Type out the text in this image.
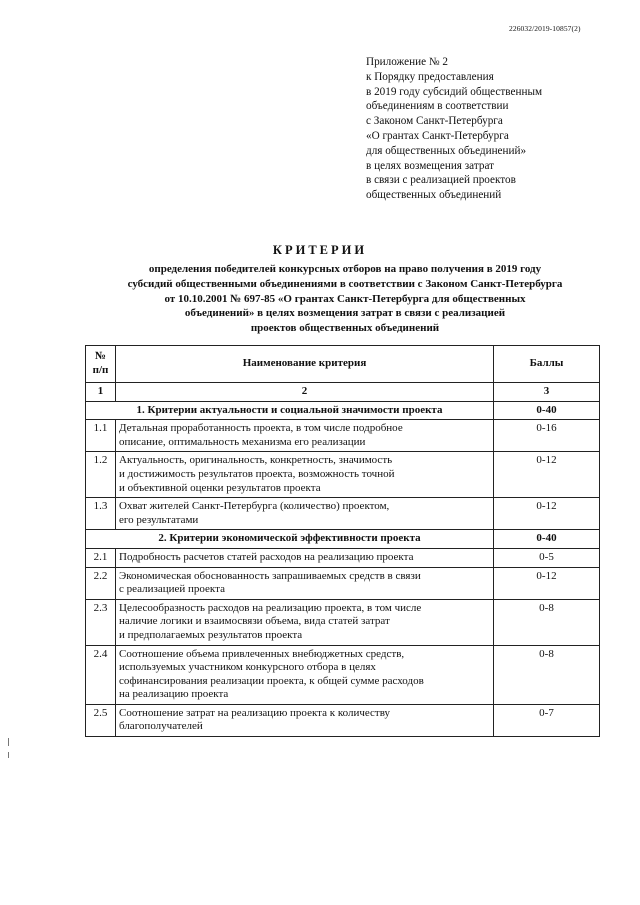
226032/2019-10857(2)
Приложение № 2
к Порядку предоставления
в 2019 году субсидий общественным
объединениям в соответствии
с Законом Санкт-Петербурга
«О грантах Санкт-Петербурга
для общественных объединений»
в целях возмещения затрат
в связи с реализацией проектов
общественных объединений
КРИТЕРИИ
определения победителей конкурсных отборов на право получения в 2019 году
субсидий общественными объединениями в соответствии с Законом Санкт-Петербурга
от 10.10.2001 № 697-85 «О грантах Санкт-Петербурга для общественных
объединений» в целях возмещения затрат в связи с реализацией
проектов общественных объединений
№ п/п	Наименование критерия	Баллы
1	2	3
1. Критерии актуальности и социальной значимости проекта		0-40
1.1	Детальная проработанность проекта, в том числе подробное
описание, оптимальность механизма его реализации	0-16
1.2	Актуальность, оригинальность, конкретность, значимость
и достижимость результатов проекта, возможность точной
и объективной оценки результатов проекта	0-12
1.3	Охват жителей Санкт-Петербурга (количество) проектом,
его результатами	0-12
2. Критерии экономической эффективности проекта		0-40
2.1	Подробность расчетов статей расходов на реализацию проекта	0-5
2.2	Экономическая обоснованность запрашиваемых средств в связи
с реализацией проекта	0-12
2.3	Целесообразность расходов на реализацию проекта, в том числе
наличие логики и взаимосвязи объема, вида статей затрат
и предполагаемых результатов проекта	0-8
2.4	Соотношение объема привлеченных внебюджетных средств,
используемых участником конкурсного отбора в целях
софинансирования реализации проекта, к общей сумме расходов
на реализацию проекта	0-8
2.5	Соотношение затрат на реализацию проекта к количеству
благополучателей	0-7
